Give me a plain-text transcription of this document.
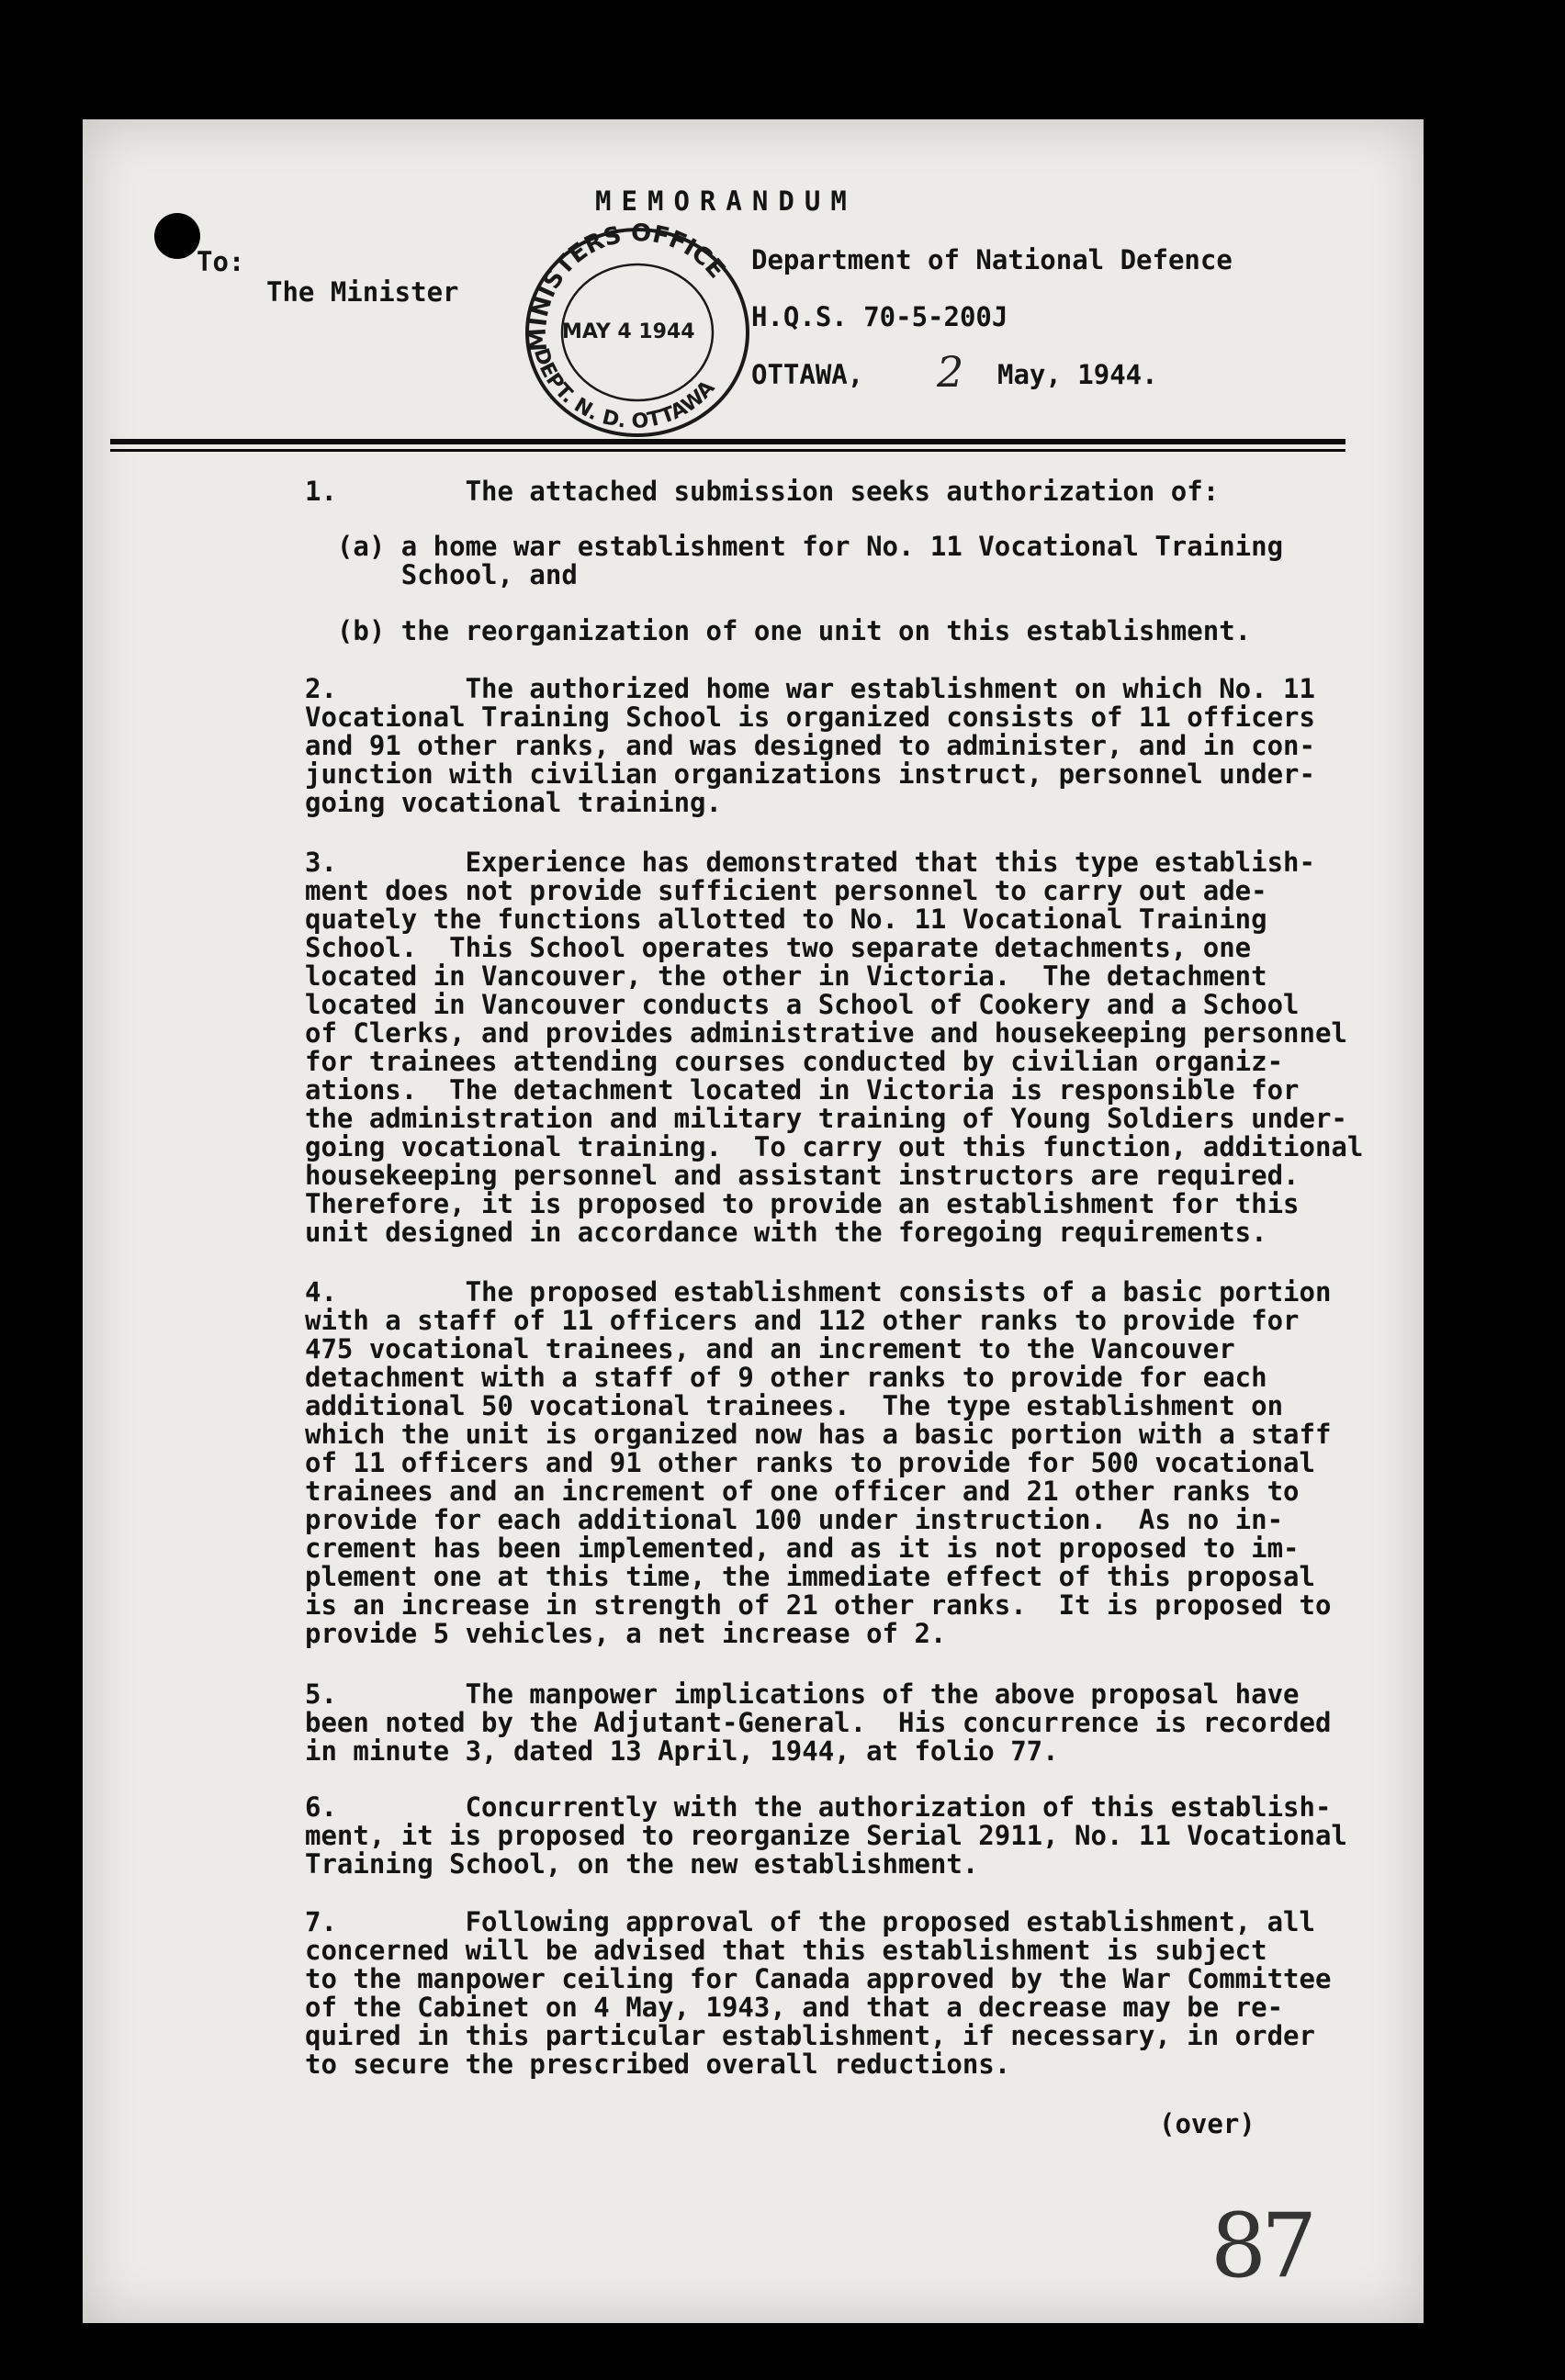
MEMORANDUM
To:
The Minister
Department of National Defence
H.Q.S. 70-5-200J
OTTAWA, 2 May, 1944.
MINISTERS OFFICE
DEPT. N. D. OTTAWA
MAY 4 1944
1.        The attached submission seeks authorization of:
(a) a home war establishment for No. 11 Vocational Training
School, and
(b) the reorganization of one unit on this establishment.
2.        The authorized home war establishment on which No. 11
Vocational Training School is organized consists of 11 officers
and 91 other ranks, and was designed to administer, and in con-
junction with civilian organizations instruct, personnel under-
going vocational training.
3.        Experience has demonstrated that this type establish-
ment does not provide sufficient personnel to carry out ade-
quately the functions allotted to No. 11 Vocational Training
School.  This School operates two separate detachments, one
located in Vancouver, the other in Victoria.  The detachment
located in Vancouver conducts a School of Cookery and a School
of Clerks, and provides administrative and housekeeping personnel
for trainees attending courses conducted by civilian organiz-
ations.  The detachment located in Victoria is responsible for
the administration and military training of Young Soldiers under-
going vocational training.  To carry out this function, additional
housekeeping personnel and assistant instructors are required.
Therefore, it is proposed to provide an establishment for this
unit designed in accordance with the foregoing requirements.
4.        The proposed establishment consists of a basic portion
with a staff of 11 officers and 112 other ranks to provide for
475 vocational trainees, and an increment to the Vancouver
detachment with a staff of 9 other ranks to provide for each
additional 50 vocational trainees.  The type establishment on
which the unit is organized now has a basic portion with a staff
of 11 officers and 91 other ranks to provide for 500 vocational
trainees and an increment of one officer and 21 other ranks to
provide for each additional 100 under instruction.  As no in-
crement has been implemented, and as it is not proposed to im-
plement one at this time, the immediate effect of this proposal
is an increase in strength of 21 other ranks.  It is proposed to
provide 5 vehicles, a net increase of 2.
5.        The manpower implications of the above proposal have
been noted by the Adjutant-General.  His concurrence is recorded
in minute 3, dated 13 April, 1944, at folio 77.
6.        Concurrently with the authorization of this establish-
ment, it is proposed to reorganize Serial 2911, No. 11 Vocational
Training School, on the new establishment.
7.        Following approval of the proposed establishment, all
concerned will be advised that this establishment is subject
to the manpower ceiling for Canada approved by the War Committee
of the Cabinet on 4 May, 1943, and that a decrease may be re-
quired in this particular establishment, if necessary, in order
to secure the prescribed overall reductions.
(over)
87
